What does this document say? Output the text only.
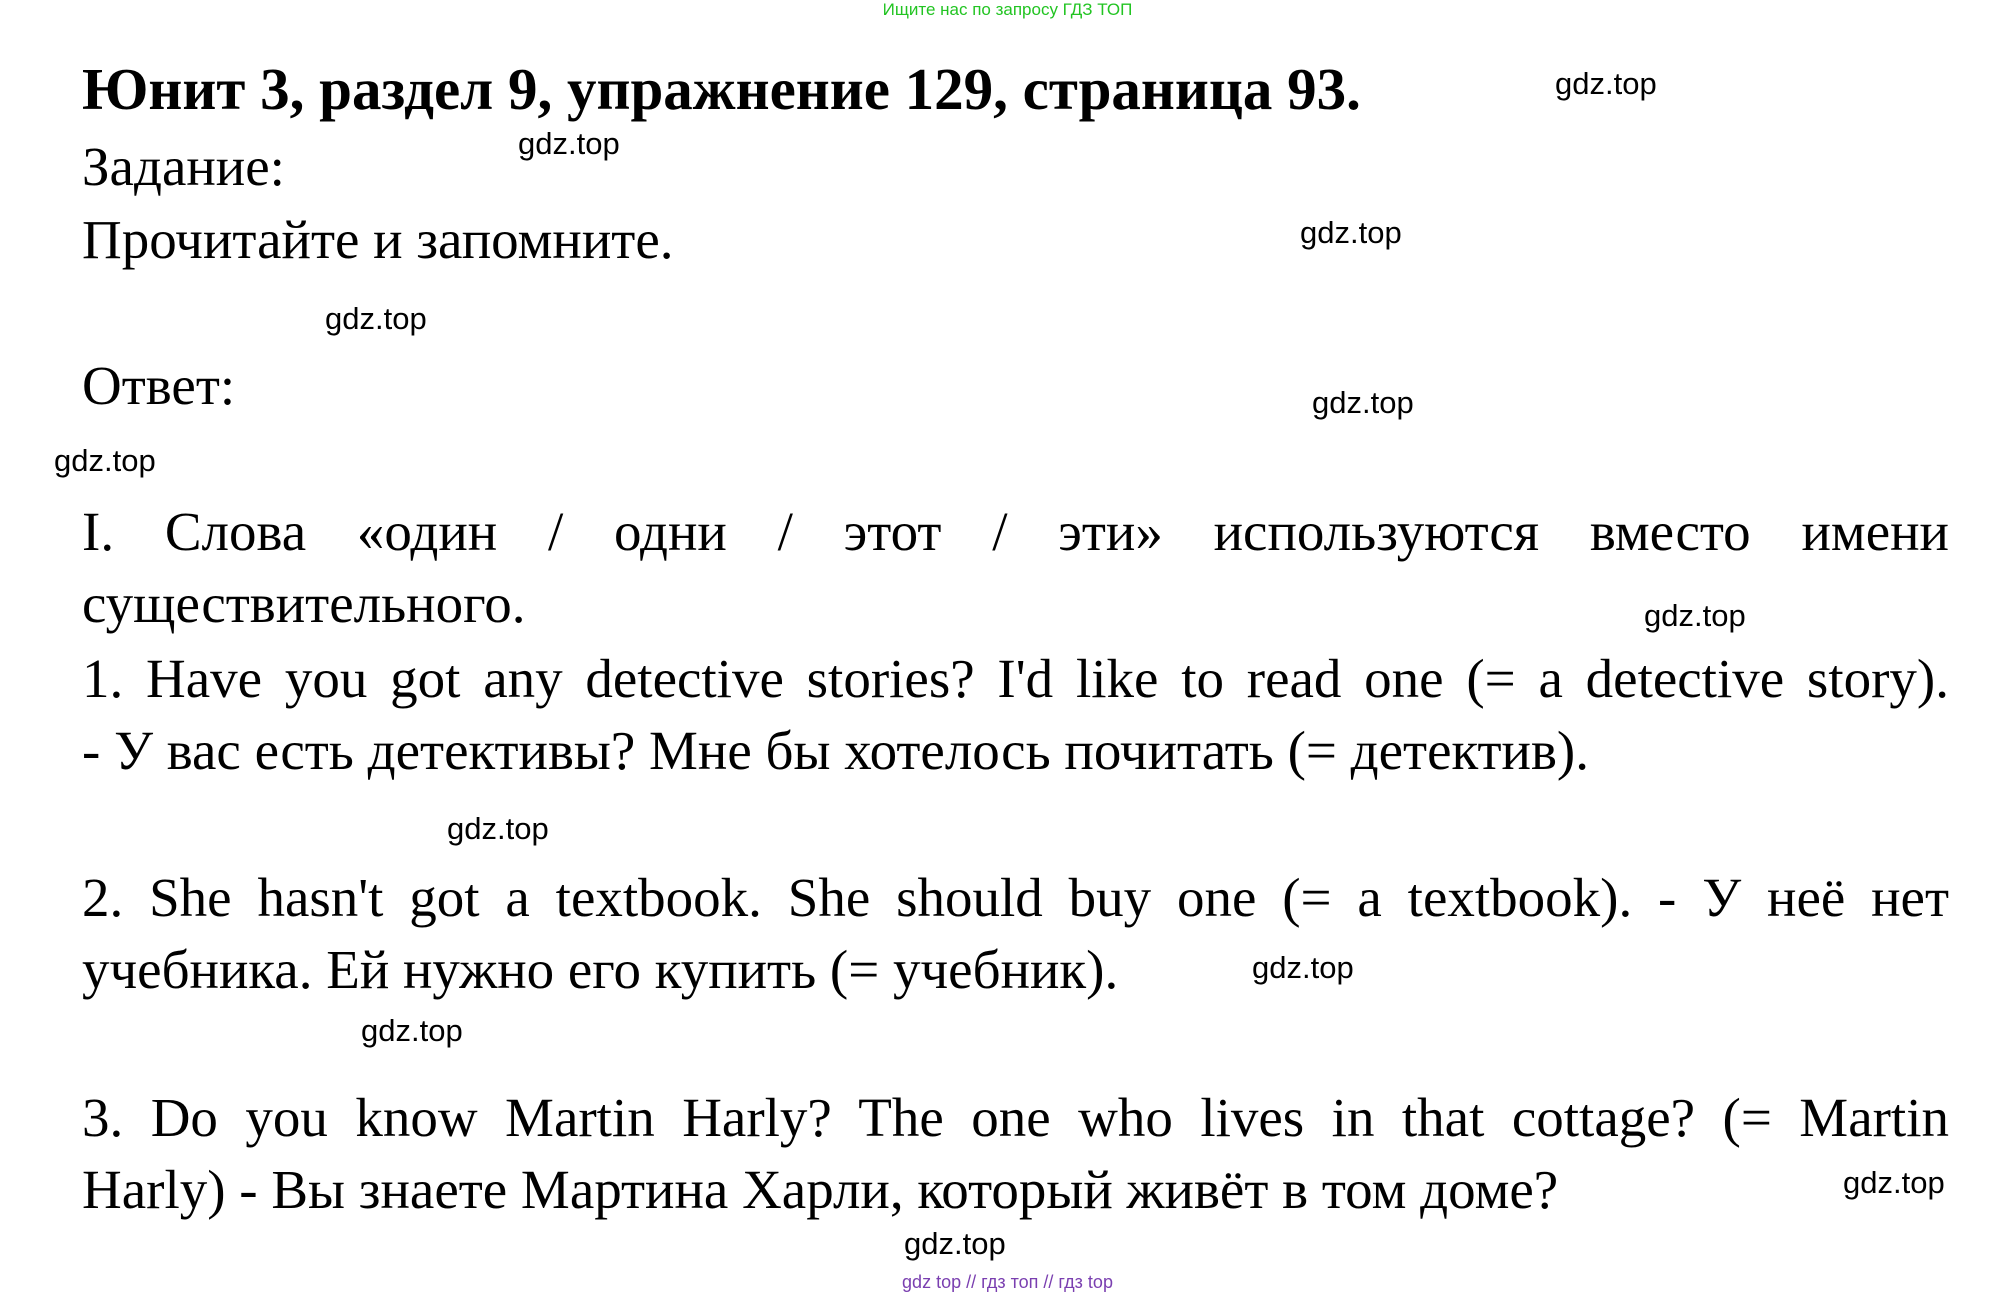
Ищите нас по запросу ГДЗ ТОП
Юнит 3, раздел 9, упражнение 129, страница 93.
Задание:
Прочитайте и запомните.
Ответ:
I. Слова «один / одни / этот / эти» используются вместо имени
существительного.
1. Have you got any detective stories? I'd like to read one (= a detective story).
- У вас есть детективы? Мне бы хотелось почитать (= детектив).
2. She hasn't got a textbook. She should buy one (= a textbook). - У неё нет
учебника. Ей нужно его купить (= учебник).
3. Do you know Martin Harly? The one who lives in that cottage? (= Martin
Harly) - Вы знаете Мартина Харли, который живёт в том доме?
gdz.top
gdz.top
gdz.top
gdz.top
gdz.top
gdz.top
gdz.top
gdz.top
gdz.top
gdz.top
gdz.top
gdz.top
gdz top // гдз топ // гдз top
